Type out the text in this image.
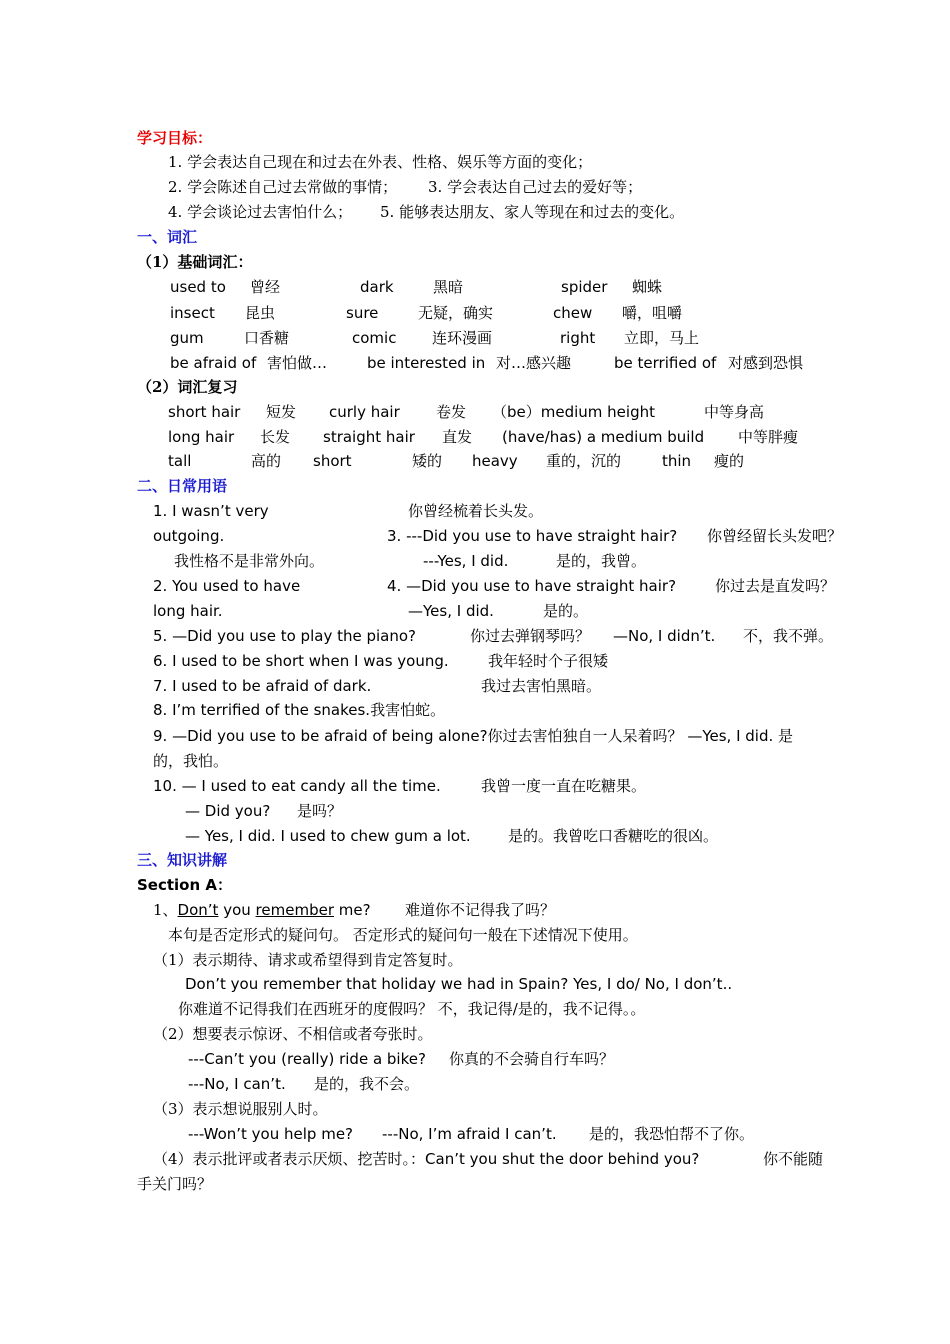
学习目标：
1. 学会表达自己现在和过去在外表、性格、娱乐等方面的变化；
2. 学会陈述自己过去常做的事情； 3. 学会表达自己过去的爱好等；
4. 学会谈论过去害怕什么； 5. 能够表达朋友、家人等现在和过去的变化。
一、词汇
（1）基础词汇：
used to 曾经	dark	黑暗	spider 蜘蛛
insect 昆虫	sure	无疑，确实	chew 嚼，咀嚼
gum	口香糖	comic 连环漫画	right 立即，马上
be afraid of 害怕做…	be interested in 对…感兴趣	be terrified of 对感到恐惧
（2）词汇复习
short hair 短发 curly hair 卷发 （be）medium height	中等身高
long hair 长发 straight hair 直发 (have/has) a medium build 中等胖瘦
tall	高的 short	矮的 heavy 重的，沉的	thin 瘦的
二、日常用语
1. I wasn’t very
outgoing.
我性格不是非常外向。
你曾经梳着长头发。
3. ---Did you use to have straight hair? 你曾经留长头发吧？
---Yes, I did.	是的，我曾。
2. You used to have
long hair.
4. —Did you use to have straight hair?	你过去是直发吗？
—Yes, I did.	是的。
5. —Did you use to play the piano?	你过去弹钢琴吗？ —No, I didn’t. 不，我不弹。
6. I used to be short when I was young.	我年轻时个子很矮
7. I used to be afraid of dark.	我过去害怕黑暗。
8. I’m terrified of the snakes.我害怕蛇。
9. —Did you use to be afraid of being alone?你过去害怕独自一人呆着吗？ —Yes, I did. 是
的，我怕。
10. — I used to eat candy all the time.	我曾一度一直在吃糖果。
— Did you? 是吗？
— Yes, I did. I used to chew gum a lot. 是的。我曾吃口香糖吃的很凶。
三、知识讲解
Section A：
1、Don’t you remember me? 难道你不记得我了吗？
本句是否定形式的疑问句。 否定形式的疑问句一般在下述情况下使用。
（1）表示期待、请求或希望得到肯定答复时。
Don’t you remember that holiday we had in Spain? Yes, I do/ No, I don’t..
你难道不记得我们在西班牙的度假吗？ 不，我记得/是的，我不记得。。
（2）想要表示惊讶、不相信或者夸张时。
---Can’t you (really) ride a bike? 你真的不会骑自行车吗？
---No, I can’t. 是的，我不会。
（3）表示想说服别人时。
---Won’t you help me? ---No, I’m afraid I can’t. 是的，我恐怕帮不了你。
（4）表示批评或者表示厌烦、挖苦时。：Can’t you shut the door behind you?	你不能随
手关门吗？
